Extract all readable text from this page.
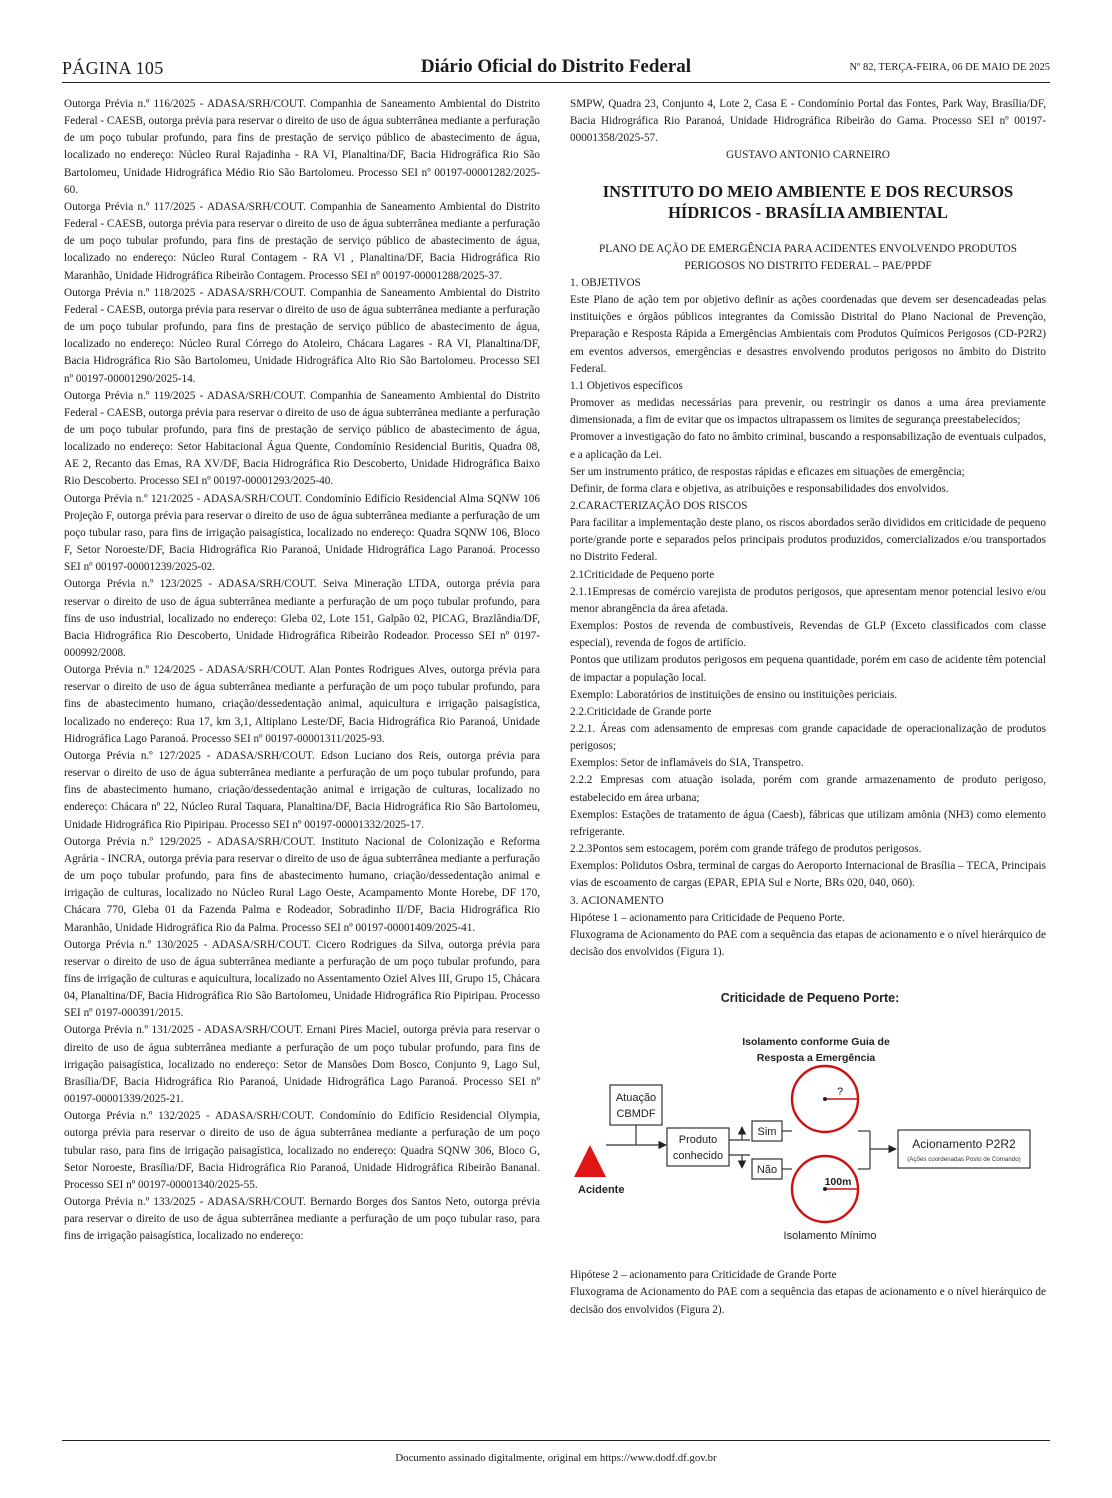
PÁGINA 105	Diário Oficial do Distrito Federal	Nº 82, TERÇA-FEIRA, 06 DE MAIO DE 2025

Outorga Prévia n.º 116/2025 - ADASA/SRH/COUT. Companhia de Saneamento Ambiental do Distrito Federal - CAESB, outorga prévia para reservar o direito de uso de água subterrânea mediante a perfuração de um poço tubular profundo, para fins de prestação de serviço público de abastecimento de água, localizado no endereço: Núcleo Rural Rajadinha - RA VI, Planaltina/DF, Bacia Hidrográfica Rio São Bartolomeu, Unidade Hidrográfica Médio Rio São Bartolomeu. Processo SEI nº 00197-00001282/2025-60.

Outorga Prévia n.º 117/2025 - ADASA/SRH/COUT. Companhia de Saneamento Ambiental do Distrito Federal - CAESB, outorga prévia para reservar o direito de uso de água subterrânea mediante a perfuração de um poço tubular profundo, para fins de prestação de serviço público de abastecimento de água, localizado no endereço: Núcleo Rural Contagem - RA VI , Planaltina/DF, Bacia Hidrográfica Rio Maranhão, Unidade Hidrográfica Ribeirão Contagem. Processo SEI nº 00197-00001288/2025-37.

Outorga Prévia n.º 118/2025 - ADASA/SRH/COUT. Companhia de Saneamento Ambiental do Distrito Federal - CAESB, outorga prévia para reservar o direito de uso de água subterrânea mediante a perfuração de um poço tubular profundo, para fins de prestação de serviço público de abastecimento de água, localizado no endereço: Núcleo Rural Córrego do Atoleiro, Chácara Lagares - RA VI, Planaltina/DF, Bacia Hidrográfica Rio São Bartolomeu, Unidade Hidrográfica Alto Rio São Bartolomeu. Processo SEI nº 00197-00001290/2025-14.

Outorga Prévia n.º 119/2025 - ADASA/SRH/COUT. Companhia de Saneamento Ambiental do Distrito Federal - CAESB, outorga prévia para reservar o direito de uso de água subterrânea mediante a perfuração de um poço tubular profundo, para fins de prestação de serviço público de abastecimento de água, localizado no endereço: Setor Habitacional Água Quente, Condomínio Residencial Buritis, Quadra 08, AE 2, Recanto das Emas, RA XV/DF, Bacia Hidrográfica Rio Descoberto, Unidade Hidrográfica Baixo Rio Descoberto. Processo SEI nº 00197-00001293/2025-40.

Outorga Prévia n.º 121/2025 - ADASA/SRH/COUT. Condomínio Edifício Residencial Alma SQNW 106 Projeção F, outorga prévia para reservar o direito de uso de água subterrânea mediante a perfuração de um poço tubular raso, para fins de irrigação paisagística, localizado no endereço: Quadra SQNW 106, Bloco F, Setor Noroeste/DF, Bacia Hidrográfica Rio Paranoá, Unidade Hidrográfica Lago Paranoá. Processo SEI nº 00197-00001239/2025-02.

Outorga Prévia n.º 123/2025 - ADASA/SRH/COUT. Seiva Mineração LTDA, outorga prévia para reservar o direito de uso de água subterrânea mediante a perfuração de um poço tubular profundo, para fins de uso industrial, localizado no endereço: Gleba 02, Lote 151, Galpão 02, PICAG, Brazlândia/DF, Bacia Hidrográfica Rio Descoberto, Unidade Hidrográfica Ribeirão Rodeador. Processo SEI nº 0197-000992/2008.

Outorga Prévia n.º 124/2025 - ADASA/SRH/COUT. Alan Pontes Rodrigues Alves, outorga prévia para reservar o direito de uso de água subterrânea mediante a perfuração de um poço tubular profundo, para fins de abastecimento humano, criação/dessedentação animal, aquicultura e irrigação paisagística, localizado no endereço: Rua 17, km 3,1, Altiplano Leste/DF, Bacia Hidrográfica Rio Paranoá, Unidade Hidrográfica Lago Paranoá. Processo SEI nº 00197-00001311/2025-93.

Outorga Prévia n.º 127/2025 - ADASA/SRH/COUT. Edson Luciano dos Reis, outorga prévia para reservar o direito de uso de água subterrânea mediante a perfuração de um poço tubular profundo, para fins de abastecimento humano, criação/dessedentação animal e irrigação de culturas, localizado no endereço: Chácara nº 22, Núcleo Rural Taquara, Planaltina/DF, Bacia Hidrográfica Rio São Bartolomeu, Unidade Hidrográfica Rio Pipiripau. Processo SEI nº 00197-00001332/2025-17.

Outorga Prévia n.º 129/2025 - ADASA/SRH/COUT. Instituto Nacional de Colonização e Reforma Agrária - INCRA, outorga prévia para reservar o direito de uso de água subterrânea mediante a perfuração de um poço tubular profundo, para fins de abastecimento humano, criação/dessedentação animal e irrigação de culturas, localizado no Núcleo Rural Lago Oeste, Acampamento Monte Horebe, DF 170, Chácara 770, Gleba 01 da Fazenda Palma e Rodeador, Sobradinho II/DF, Bacia Hidrográfica Rio Maranhão, Unidade Hidrográfica Rio da Palma. Processo SEI nº 00197-00001409/2025-41.

Outorga Prévia n.º 130/2025 - ADASA/SRH/COUT. Cicero Rodrigues da Silva, outorga prévia para reservar o direito de uso de água subterrânea mediante a perfuração de um poço tubular profundo, para fins de irrigação de culturas e aquicultura, localizado no Assentamento Oziel Alves III, Grupo 15, Chácara 04, Planaltina/DF, Bacia Hidrográfica Rio São Bartolomeu, Unidade Hidrográfica Rio Pipiripau. Processo SEI nº 0197-000391/2015.

Outorga Prévia n.º 131/2025 - ADASA/SRH/COUT. Ernani Pires Maciel, outorga prévia para reservar o direito de uso de água subterrânea mediante a perfuração de um poço tubular profundo, para fins de irrigação paisagística, localizado no endereço: Setor de Mansões Dom Bosco, Conjunto 9, Lago Sul, Brasília/DF, Bacia Hidrográfica Rio Paranoá, Unidade Hidrográfica Lago Paranoá. Processo SEI nº 00197-00001339/2025-21.

Outorga Prévia n.º 132/2025 - ADASA/SRH/COUT. Condomínio do Edifício Residencial Olympia, outorga prévia para reservar o direito de uso de água subterrânea mediante a perfuração de um poço tubular raso, para fins de irrigação paisagística, localizado no endereço: Quadra SQNW 306, Bloco G, Setor Noroeste, Brasília/DF, Bacia Hidrográfica Rio Paranoá, Unidade Hidrográfica Ribeirão Bananal. Processo SEI nº 00197-00001340/2025-55.

Outorga Prévia n.º 133/2025 - ADASA/SRH/COUT. Bernardo Borges dos Santos Neto, outorga prévia para reservar o direito de uso de água subterrânea mediante a perfuração de um poço tubular raso, para fins de irrigação paisagística, localizado no endereço:

SMPW, Quadra 23, Conjunto 4, Lote 2, Casa E - Condomínio Portal das Fontes, Park Way, Brasília/DF, Bacia Hidrográfica Rio Paranoá, Unidade Hidrográfica Ribeirão do Gama. Processo SEI nº 00197-00001358/2025-57.

GUSTAVO ANTONIO CARNEIRO

INSTITUTO DO MEIO AMBIENTE E DOS RECURSOS HÍDRICOS - BRASÍLIA AMBIENTAL

PLANO DE AÇÃO DE EMERGÊNCIA PARA ACIDENTES ENVOLVENDO PRODUTOS PERIGOSOS NO DISTRITO FEDERAL – PAE/PPDF

1. OBJETIVOS

Este Plano de ação tem por objetivo definir as ações coordenadas que devem ser desencadeadas pelas instituições e órgãos públicos integrantes da Comissão Distrital do Plano Nacional de Prevenção, Preparação e Resposta Rápida a Emergências Ambientais com Produtos Químicos Perigosos (CD-P2R2) em eventos adversos, emergências e desastres envolvendo produtos perigosos no âmbito do Distrito Federal.

1.1 Objetivos específicos

Promover as medidas necessárias para prevenir, ou restringir os danos a uma área previamente dimensionada, a fim de evitar que os impactos ultrapassem os limites de segurança preestabelecidos;

Promover a investigação do fato no âmbito criminal, buscando a responsabilização de eventuais culpados, e a aplicação da Lei.

Ser um instrumento prático, de respostas rápidas e eficazes em situações de emergência;

Definir, de forma clara e objetiva, as atribuições e responsabilidades dos envolvidos.

2.CARACTERIZAÇÃO DOS RISCOS

Para facilitar a implementação deste plano, os riscos abordados serão divididos em criticidade de pequeno porte/grande porte e separados pelos principais produtos produzidos, comercializados e/ou transportados no Distrito Federal.

2.1Criticidade de Pequeno porte

2.1.1Empresas de comércio varejista de produtos perigosos, que apresentam menor potencial lesivo e/ou menor abrangência da área afetada.

Exemplos: Postos de revenda de combustíveis, Revendas de GLP (Exceto classificados com classe especial), revenda de fogos de artifício.

Pontos que utilizam produtos perigosos em pequena quantidade, porém em caso de acidente têm potencial de impactar a população local.

Exemplo: Laboratórios de instituições de ensino ou instituições periciais.

2.2.Criticidade de Grande porte

2.2.1. Áreas com adensamento de empresas com grande capacidade de operacionalização de produtos perigosos;

Exemplos: Setor de inflamáveis do SIA, Transpetro.

2.2.2 Empresas com atuação isolada, porém com grande armazenamento de produto perigoso, estabelecido em área urbana;

Exemplos: Estações de tratamento de água (Caesb), fábricas que utilizam amônia (NH3) como elemento refrigerante.

2.2.3Pontos sem estocagem, porém com grande tráfego de produtos perigosos.

Exemplos: Polidutos Osbra, terminal de cargas do Aeroporto Internacional de Brasília – TECA, Principais vias de escoamento de cargas (EPAR, EPIA Sul e Norte, BRs 020, 040, 060).

3. ACIONAMENTO

Hipótese 1 – acionamento para Criticidade de Pequeno Porte.

Fluxograma de Acionamento do PAE com a sequência das etapas de acionamento e o nível hierárquico de decisão dos envolvidos (Figura 1).

Criticidade de Pequeno Porte:
Isolamento conforme Guia de
Resposta a Emergência
Atuação
CBMDF
Acidente
Produto
conhecido
Sim
Não
?
100m
Isolamento Mínimo
Acionamento P2R2
(Ações coordenadas Posto de Comando)

Hipótese 2 – acionamento para Criticidade de Grande Porte

Fluxograma de Acionamento do PAE com a sequência das etapas de acionamento e o nível hierárquico de decisão dos envolvidos (Figura 2).

Documento assinado digitalmente, original em https://www.dodf.df.gov.br
